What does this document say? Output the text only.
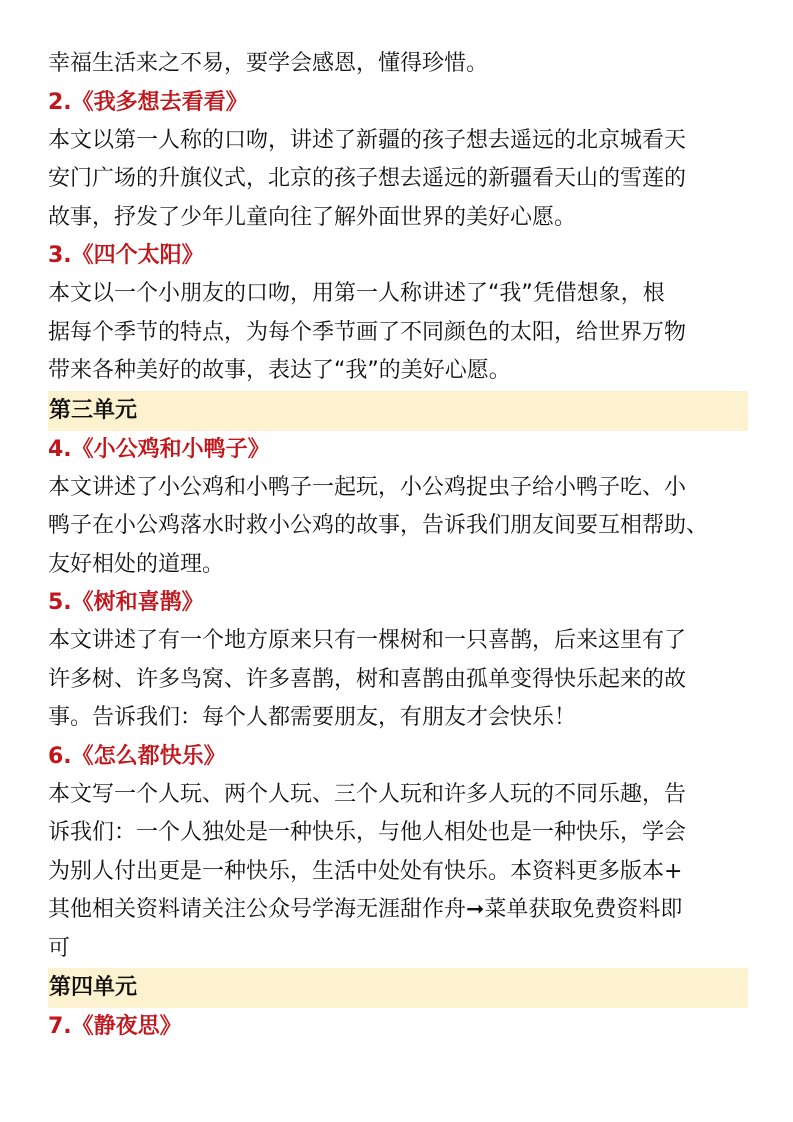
幸福生活来之不易，要学会感恩，懂得珍惜。

2.《我多想去看看》

本文以第一人称的口吻，讲述了新疆的孩子想去遥远的北京城看天

安门广场的升旗仪式，北京的孩子想去遥远的新疆看天山的雪莲的

故事，抒发了少年儿童向往了解外面世界的美好心愿。

3.《四个太阳》

本文以一个小朋友的口吻，用第一人称讲述了“我”凭借想象，根

据每个季节的特点，为每个季节画了不同颜色的太阳，给世界万物

带来各种美好的故事，表达了“我”的美好心愿。

第三单元

4.《小公鸡和小鸭子》

本文讲述了小公鸡和小鸭子一起玩，小公鸡捉虫子给小鸭子吃、小

鸭子在小公鸡落水时救小公鸡的故事，告诉我们朋友间要互相帮助、

友好相处的道理。

5.《树和喜鹊》

本文讲述了有一个地方原来只有一棵树和一只喜鹊，后来这里有了

许多树、许多鸟窝、许多喜鹊，树和喜鹊由孤单变得快乐起来的故

事。告诉我们：每个人都需要朋友，有朋友才会快乐！

6.《怎么都快乐》

本文写一个人玩、两个人玩、三个人玩和许多人玩的不同乐趣，告

诉我们：一个人独处是一种快乐，与他人相处也是一种快乐，学会

为别人付出更是一种快乐，生活中处处有快乐。本资料更多版本+

其他相关资料请关注公众号学海无涯甜作舟➞菜单获取免费资料即

可

第四单元

7.《静夜思》
